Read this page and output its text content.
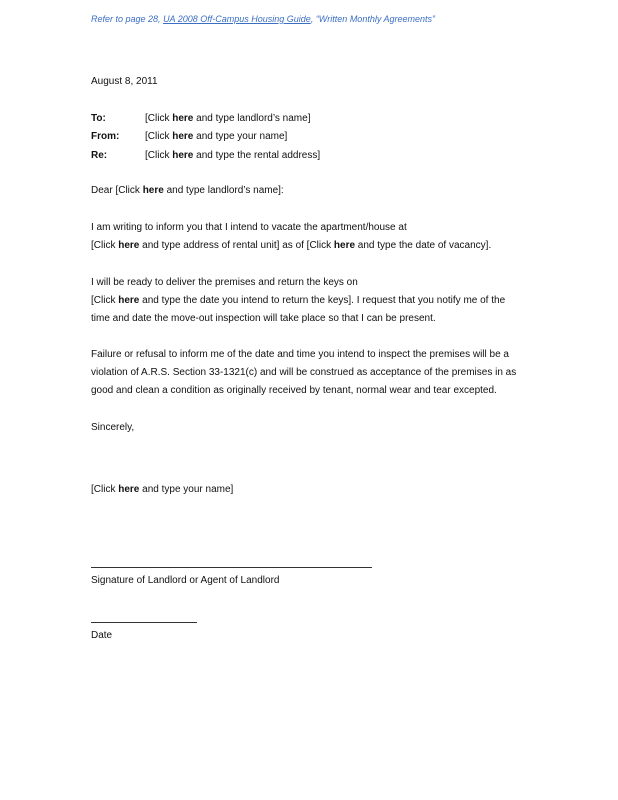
Refer to page 28, UA 2008 Off-Campus Housing Guide, “Written Monthly Agreements”
August 8, 2011
To:	[Click here and type landlord’s name]
From:	[Click here and type your name]
Re:	[Click here and type the rental address]
Dear [Click here and type landlord’s name]:
I am writing to inform you that I intend to vacate the apartment/house at
[Click here and type address of rental unit] as of [Click here and type the date of vacancy].
I will be ready to deliver the premises and return the keys on
[Click here and type the date you intend to return the keys]. I request that you notify me of the
time and date the move-out inspection will take place so that I can be present.
Failure or refusal to inform me of the date and time you intend to inspect the premises will be a
violation of A.R.S. Section 33-1321(c) and will be construed as acceptance of the premises in as
good and clean a condition as originally received by tenant, normal wear and tear excepted.
Sincerely,
[Click here and type your name]
Signature of Landlord or Agent of Landlord
Date
